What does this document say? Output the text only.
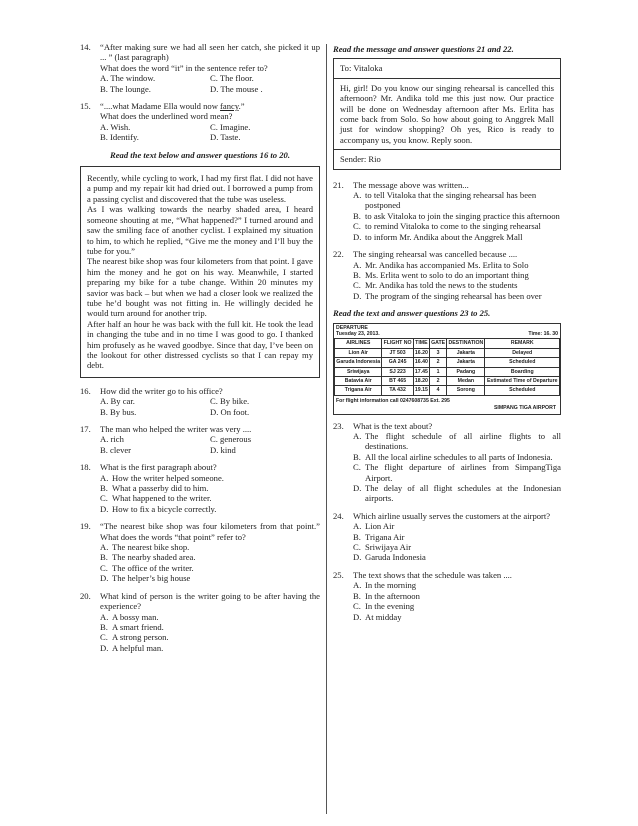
14. “After making sure we had all seen her catch, she picked it up ... ” (last paragraph)
What does the word “it” in the sentence refer to?
A. The window.	C. The floor.
B. The lounge.	D. The mouse .
15. “....what Madame Ella would now fancy.”
What does the underlined word mean?
A. Wish.	C. Imagine.
B. Identify.	D. Taste.
Read the text below and answer questions 16 to 20.

Recently, while cycling to work, I had my first flat. I did not have a pump and my repair kit had dried out. I borrowed a pump from a passing cyclist and discovered that the tube was useless.

As I was walking towards the nearby shaded area, I heard someone shouting at me, “What happened?” I turned around and saw the smiling face of another cyclist. I explained my situation to him, to which he replied, “Give me the money and I’ll buy the tube for you.”

The nearest bike shop was four kilometers from that point. I gave him the money and he got on his way. Meanwhile, I started preparing my bike for a tube change. Within 20 minutes my savior was back – but when we had a closer look we realized the tube he’d bought was not fitting in. He willingly decided he would turn around for another trip.

After half an hour he was back with the full kit. He took the lead in changing the tube and in no time I was good to go. I thanked him profusely as he waved goodbye. Since that day, I’ve been on the lookout for other distressed cyclists so that I can repay my debt.

16. How did the writer go to his office?
A. By car.	C. By bike.
B. By bus.	D. On foot.
17. The man who helped the writer was very ....
A. rich	C. generous
B. clever	D. kind
18. What is the first paragraph about?
A. How the writer helped someone.
B. What a passerby did to him.
C. What happened to the writer.
D. How to fix a bicycle correctly.
19. “The nearest bike shop was four kilometers from that point.” What does the words “that point” refer to?
A. The nearest bike shop.
B. The nearby shaded area.
C. The office of the writer.
D. The helper’s big house
20. What kind of person is the writer going to be after having the experience?
A. A bossy man.
B. A smart friend.
C. A strong person.
D. A helpful man.
Read the message and answer questions 21 and 22.
To: Vitaloka
Hi, girl! Do you know our singing rehearsal is cancelled this afternoon? Mr. Andika told me this just now. Our practice will be done on Wednesday afternoon after Ms. Erlita has come back from Solo. So how about going to Anggrek Mall just for window shopping? Oh yes, Rico is ready to accompany us, you know. Reply soon.
Sender: Rio
21. The message above was written...
A. to tell Vitaloka that the singing rehearsal has been postponed
B. to ask Vitaloka to join the singing practice this afternoon
C. to remind Vitaloka to come to the singing rehearsal
D. to inform Mr. Andika about the Anggrek Mall
22. The singing rehearsal was cancelled because ....
A. Mr. Andika has accompanied Ms. Erlita to Solo
B. Ms. Erlita went to solo to do an important thing
C. Mr. Andika has told the news to the students
D. The program of the singing rehearsal has been over
Read the text and answer questions 23 to 25.
DEPARTURE
Tuesday 23, 2013.	Time: 16. 30
AIRLINES	FLIGHT NO	TIME	GATE	DESTINATION	REMARK
Lion Air	JT 503	16.20	3	Jakarta	Delayed
Garuda Indonesia	GA 245	16.40	2	Jakarta	Scheduled
Sriwijaya	SJ 223	17.45	1	Padang	Boarding
Batavia Air	BT 465	18.20	2	Medan	Estimated Time of Departure
Trigana Air	TA 432	19.15	4	Sorong	Scheduled
For flight information call 0247608735 Ext. 295
SIMPANG TIGA AIRPORT
23. What is the text about?
A. The flight schedule of all airline flights to all destinations.
B. All the local airline schedules to all parts of Indonesia.
C. The flight departure of airlines from SimpangTiga Airport.
D. The delay of all flight schedules at the Indonesian airports.
24. Which airline usually serves the customers at the airport?
A. Lion Air
B. Trigana Air
C. Sriwijaya Air
D. Garuda Indonesia
25. The text shows that the schedule was taken ....
A. In the morning
B. In the afternoon
C. In the evening
D. At midday
